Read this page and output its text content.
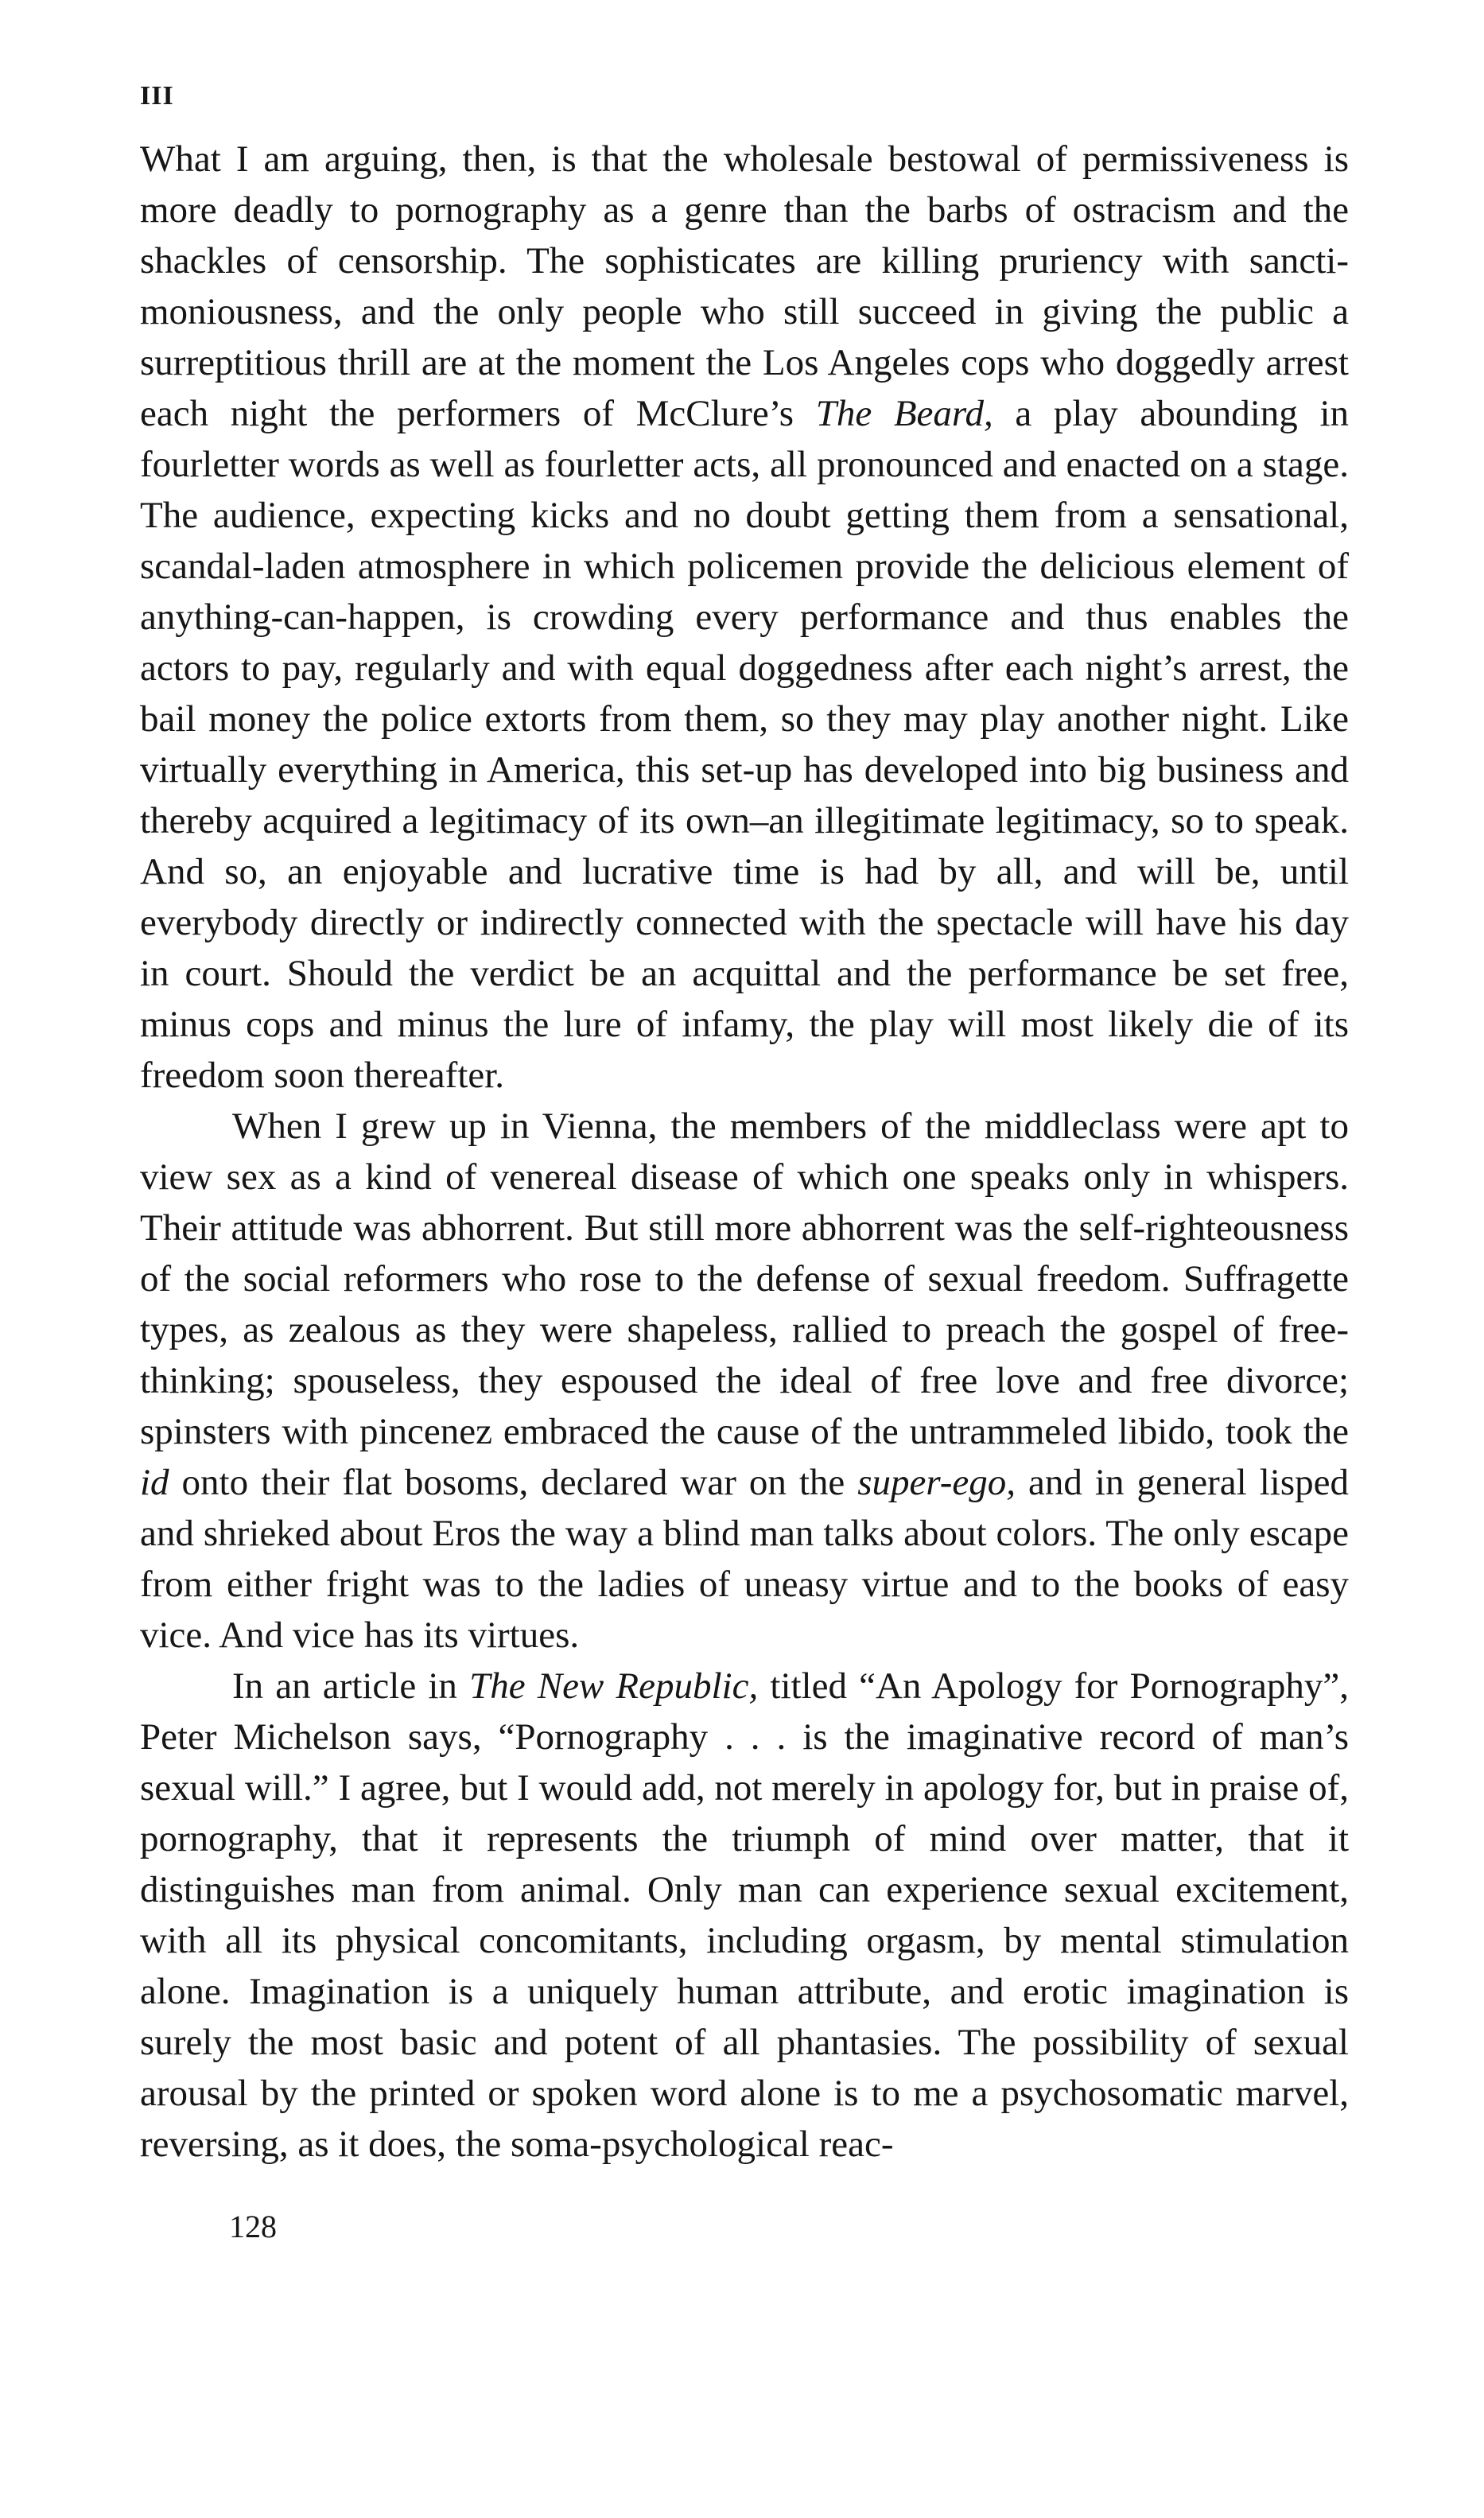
III

What I am arguing, then, is that the wholesale bestowal of permissiveness is more deadly to pornography as a genre than the barbs of ostracism and the shackles of censorship. The sophisticates are killing pruriency with sanctimoniousness, and the only people who still succeed in giving the public a surreptitious thrill are at the moment the Los Angeles cops who doggedly arrest each night the performers of McClure’s The Beard, a play abounding in fourletter words as well as fourletter acts, all pronounced and enacted on a stage. The audience, expecting kicks and no doubt getting them from a sensational, scandal-laden atmosphere in which policemen provide the delicious element of anything-can-happen, is crowding every performance and thus enables the actors to pay, regularly and with equal doggedness after each night’s arrest, the bail money the police extorts from them, so they may play another night. Like virtually everything in America, this set-up has developed into big business and thereby acquired a legitimacy of its own–an illegitimate legitimacy, so to speak. And so, an enjoyable and lucrative time is had by all, and will be, until everybody directly or indirectly connected with the spectacle will have his day in court. Should the verdict be an acquittal and the performance be set free, minus cops and minus the lure of infamy, the play will most likely die of its freedom soon thereafter.

When I grew up in Vienna, the members of the middleclass were apt to view sex as a kind of venereal disease of which one speaks only in whispers. Their attitude was abhorrent. But still more abhorrent was the self-righteousness of the social reformers who rose to the defense of sexual freedom. Suffragette types, as zealous as they were shapeless, rallied to preach the gospel of free-thinking; spouseless, they espoused the ideal of free love and free divorce; spinsters with pincenez embraced the cause of the untrammeled libido, took the id onto their flat bosoms, declared war on the super-ego, and in general lisped and shrieked about Eros the way a blind man talks about colors. The only escape from either fright was to the ladies of uneasy virtue and to the books of easy vice. And vice has its virtues.

In an article in The New Republic, titled “An Apology for Pornography”, Peter Michelson says, “Pornography . . . is the imaginative record of man’s sexual will.” I agree, but I would add, not merely in apology for, but in praise of, pornography, that it represents the triumph of mind over matter, that it distinguishes man from animal. Only man can experience sexual excitement, with all its physical concomitants, including orgasm, by mental stimulation alone. Imagination is a uniquely human attribute, and erotic imagination is surely the most basic and potent of all phantasies. The possibility of sexual arousal by the printed or spoken word alone is to me a psychosomatic marvel, reversing, as it does, the soma-psychological reac-

128
